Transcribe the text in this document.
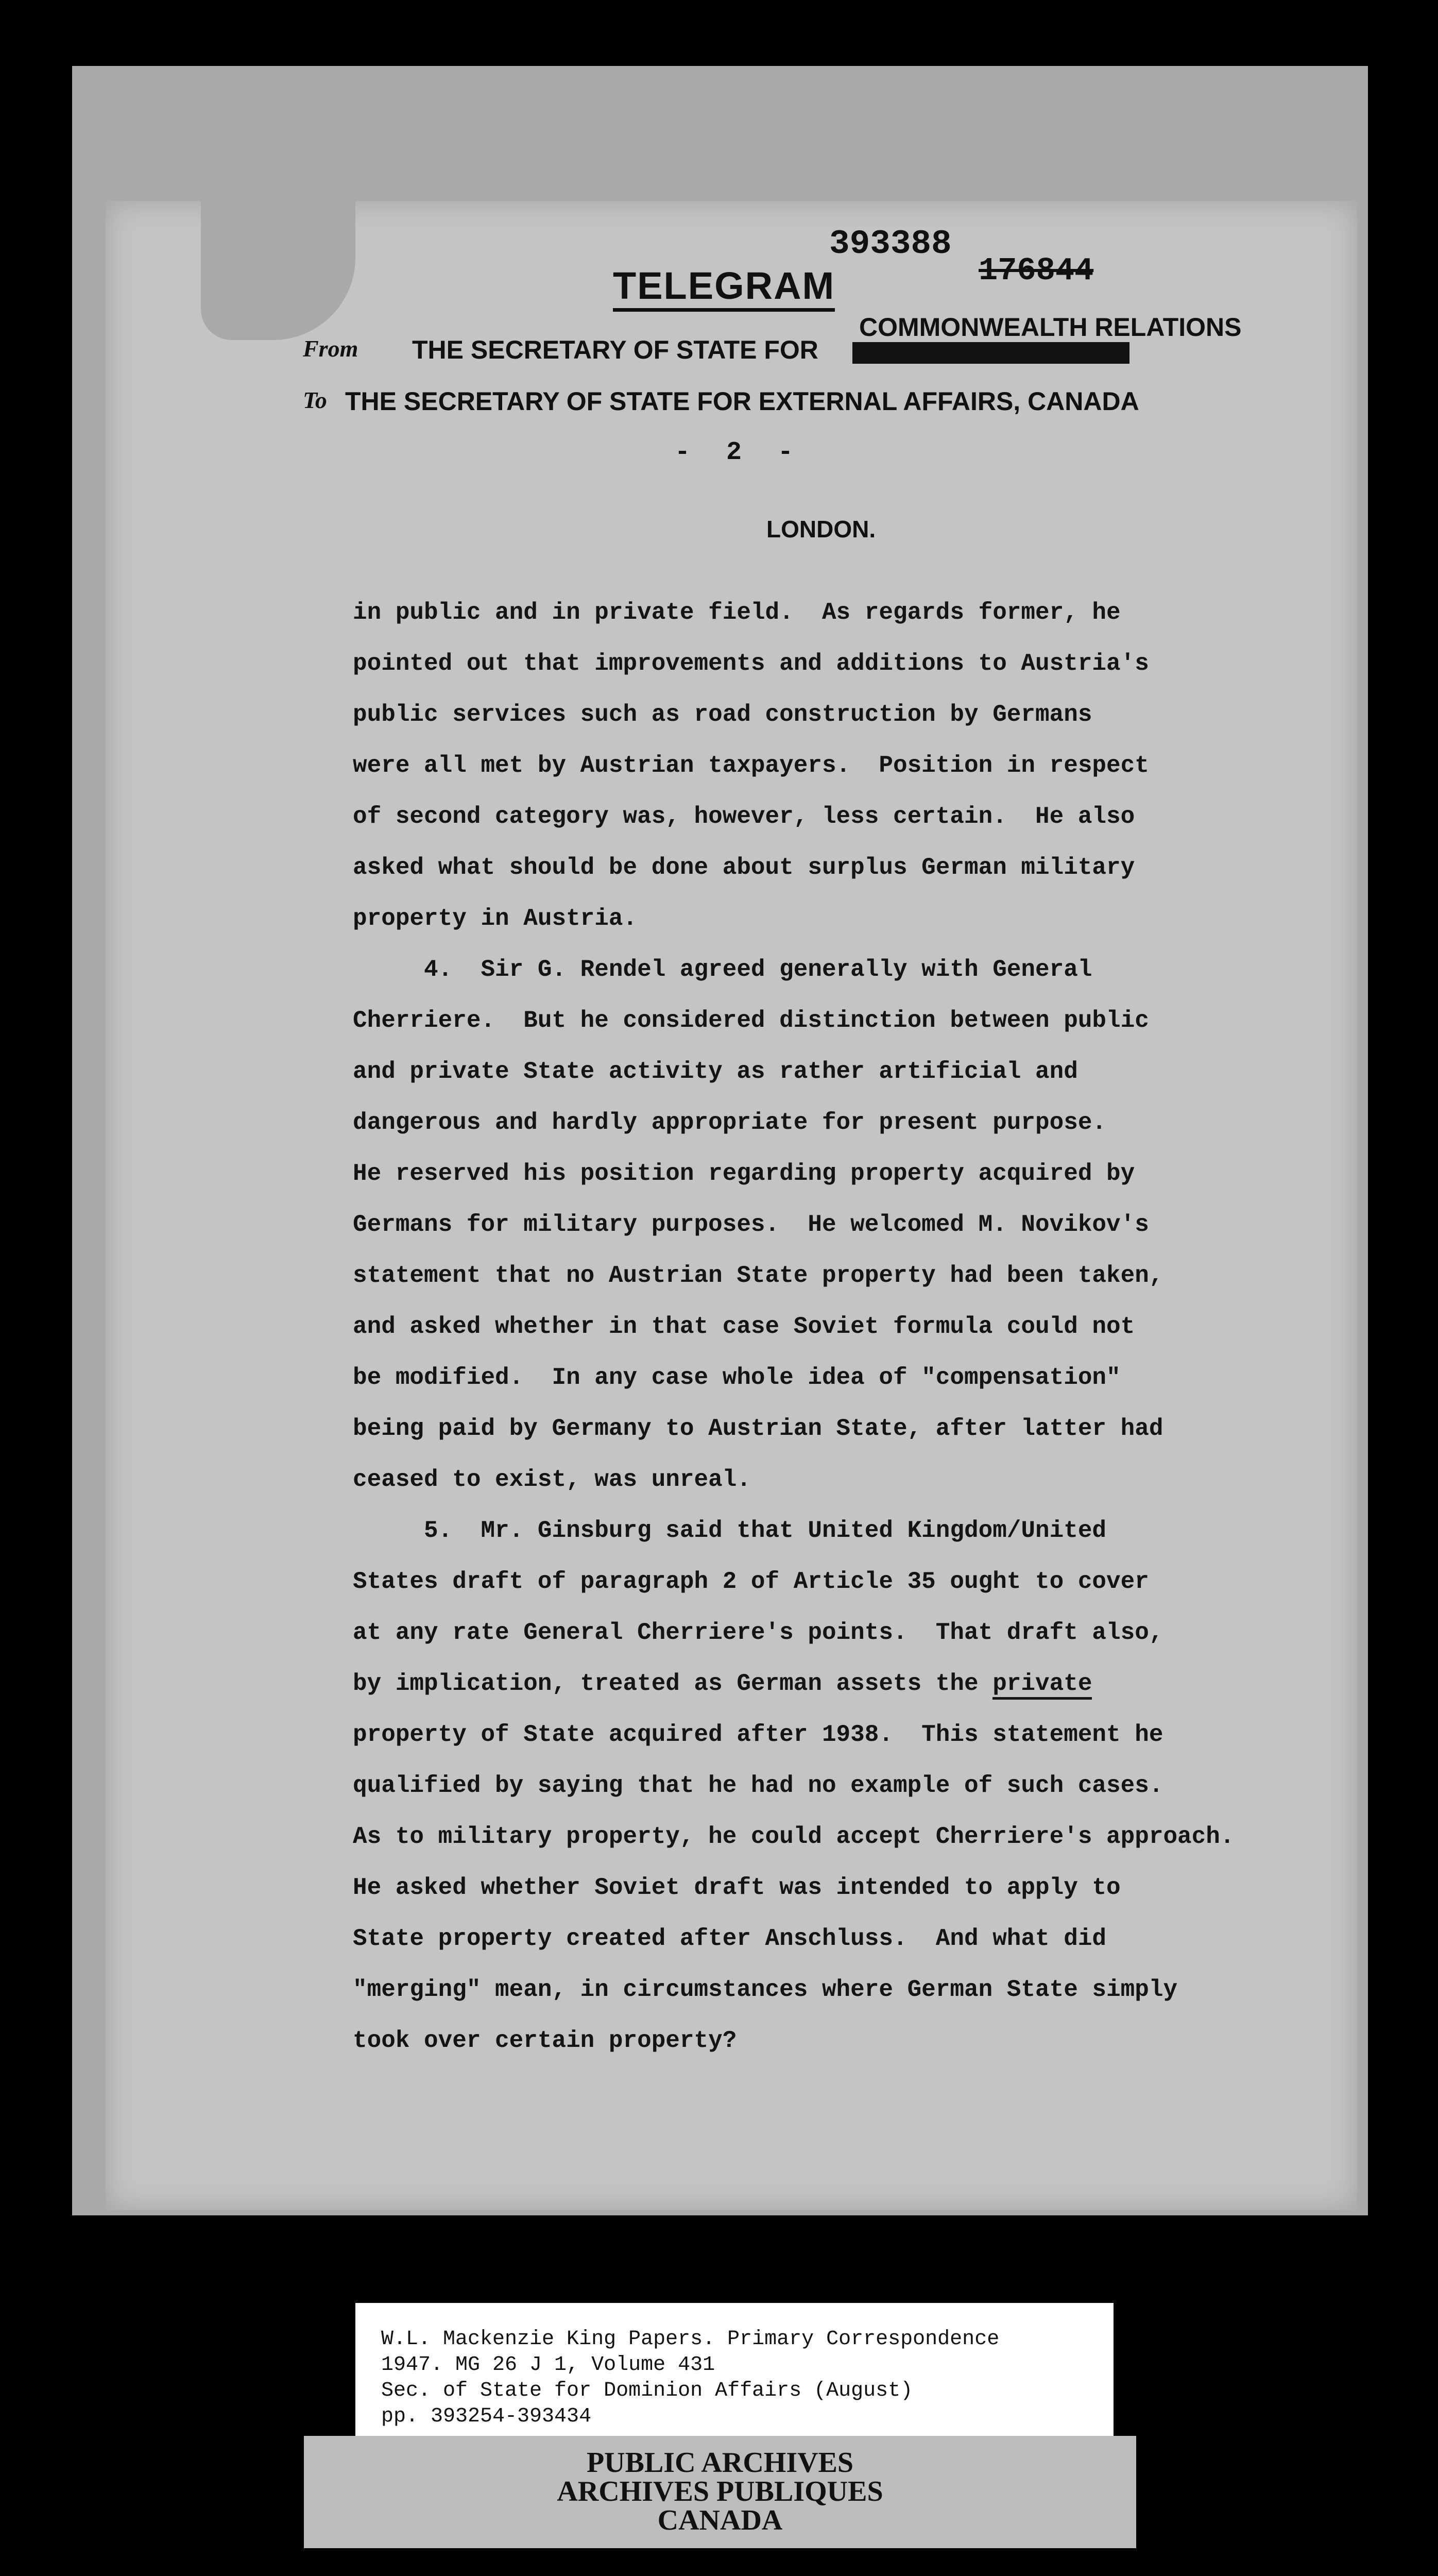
393388
176844
TELEGRAM
COMMONWEALTH RELATIONS
From THE SECRETARY OF STATE FOR
To THE SECRETARY OF STATE FOR EXTERNAL AFFAIRS, CANADA
- 2 -
LONDON.
in public and in private field.  As regards former, he
pointed out that improvements and additions to Austria's
public services such as road construction by Germans
were all met by Austrian taxpayers.  Position in respect
of second category was, however, less certain.  He also
asked what should be done about surplus German military
property in Austria.
4.  Sir G. Rendel agreed generally with General
Cherriere.  But he considered distinction between public
and private State activity as rather artificial and
dangerous and hardly appropriate for present purpose.
He reserved his position regarding property acquired by
Germans for military purposes.  He welcomed M. Novikov's
statement that no Austrian State property had been taken,
and asked whether in that case Soviet formula could not
be modified.  In any case whole idea of "compensation"
being paid by Germany to Austrian State, after latter had
ceased to exist, was unreal.
5.  Mr. Ginsburg said that United Kingdom/United
States draft of paragraph 2 of Article 35 ought to cover
at any rate General Cherriere's points.  That draft also,
by implication, treated as German assets the private
property of State acquired after 1938.  This statement he
qualified by saying that he had no example of such cases.
As to military property, he could accept Cherriere's approach.
He asked whether Soviet draft was intended to apply to
State property created after Anschluss.  And what did
"merging" mean, in circumstances where German State simply
took over certain property?
W.L. Mackenzie King Papers. Primary Correspondence
1947. MG 26 J 1, Volume 431
Sec. of State for Dominion Affairs (August)
pp. 393254-393434
PUBLIC ARCHIVES
ARCHIVES PUBLIQUES
CANADA
